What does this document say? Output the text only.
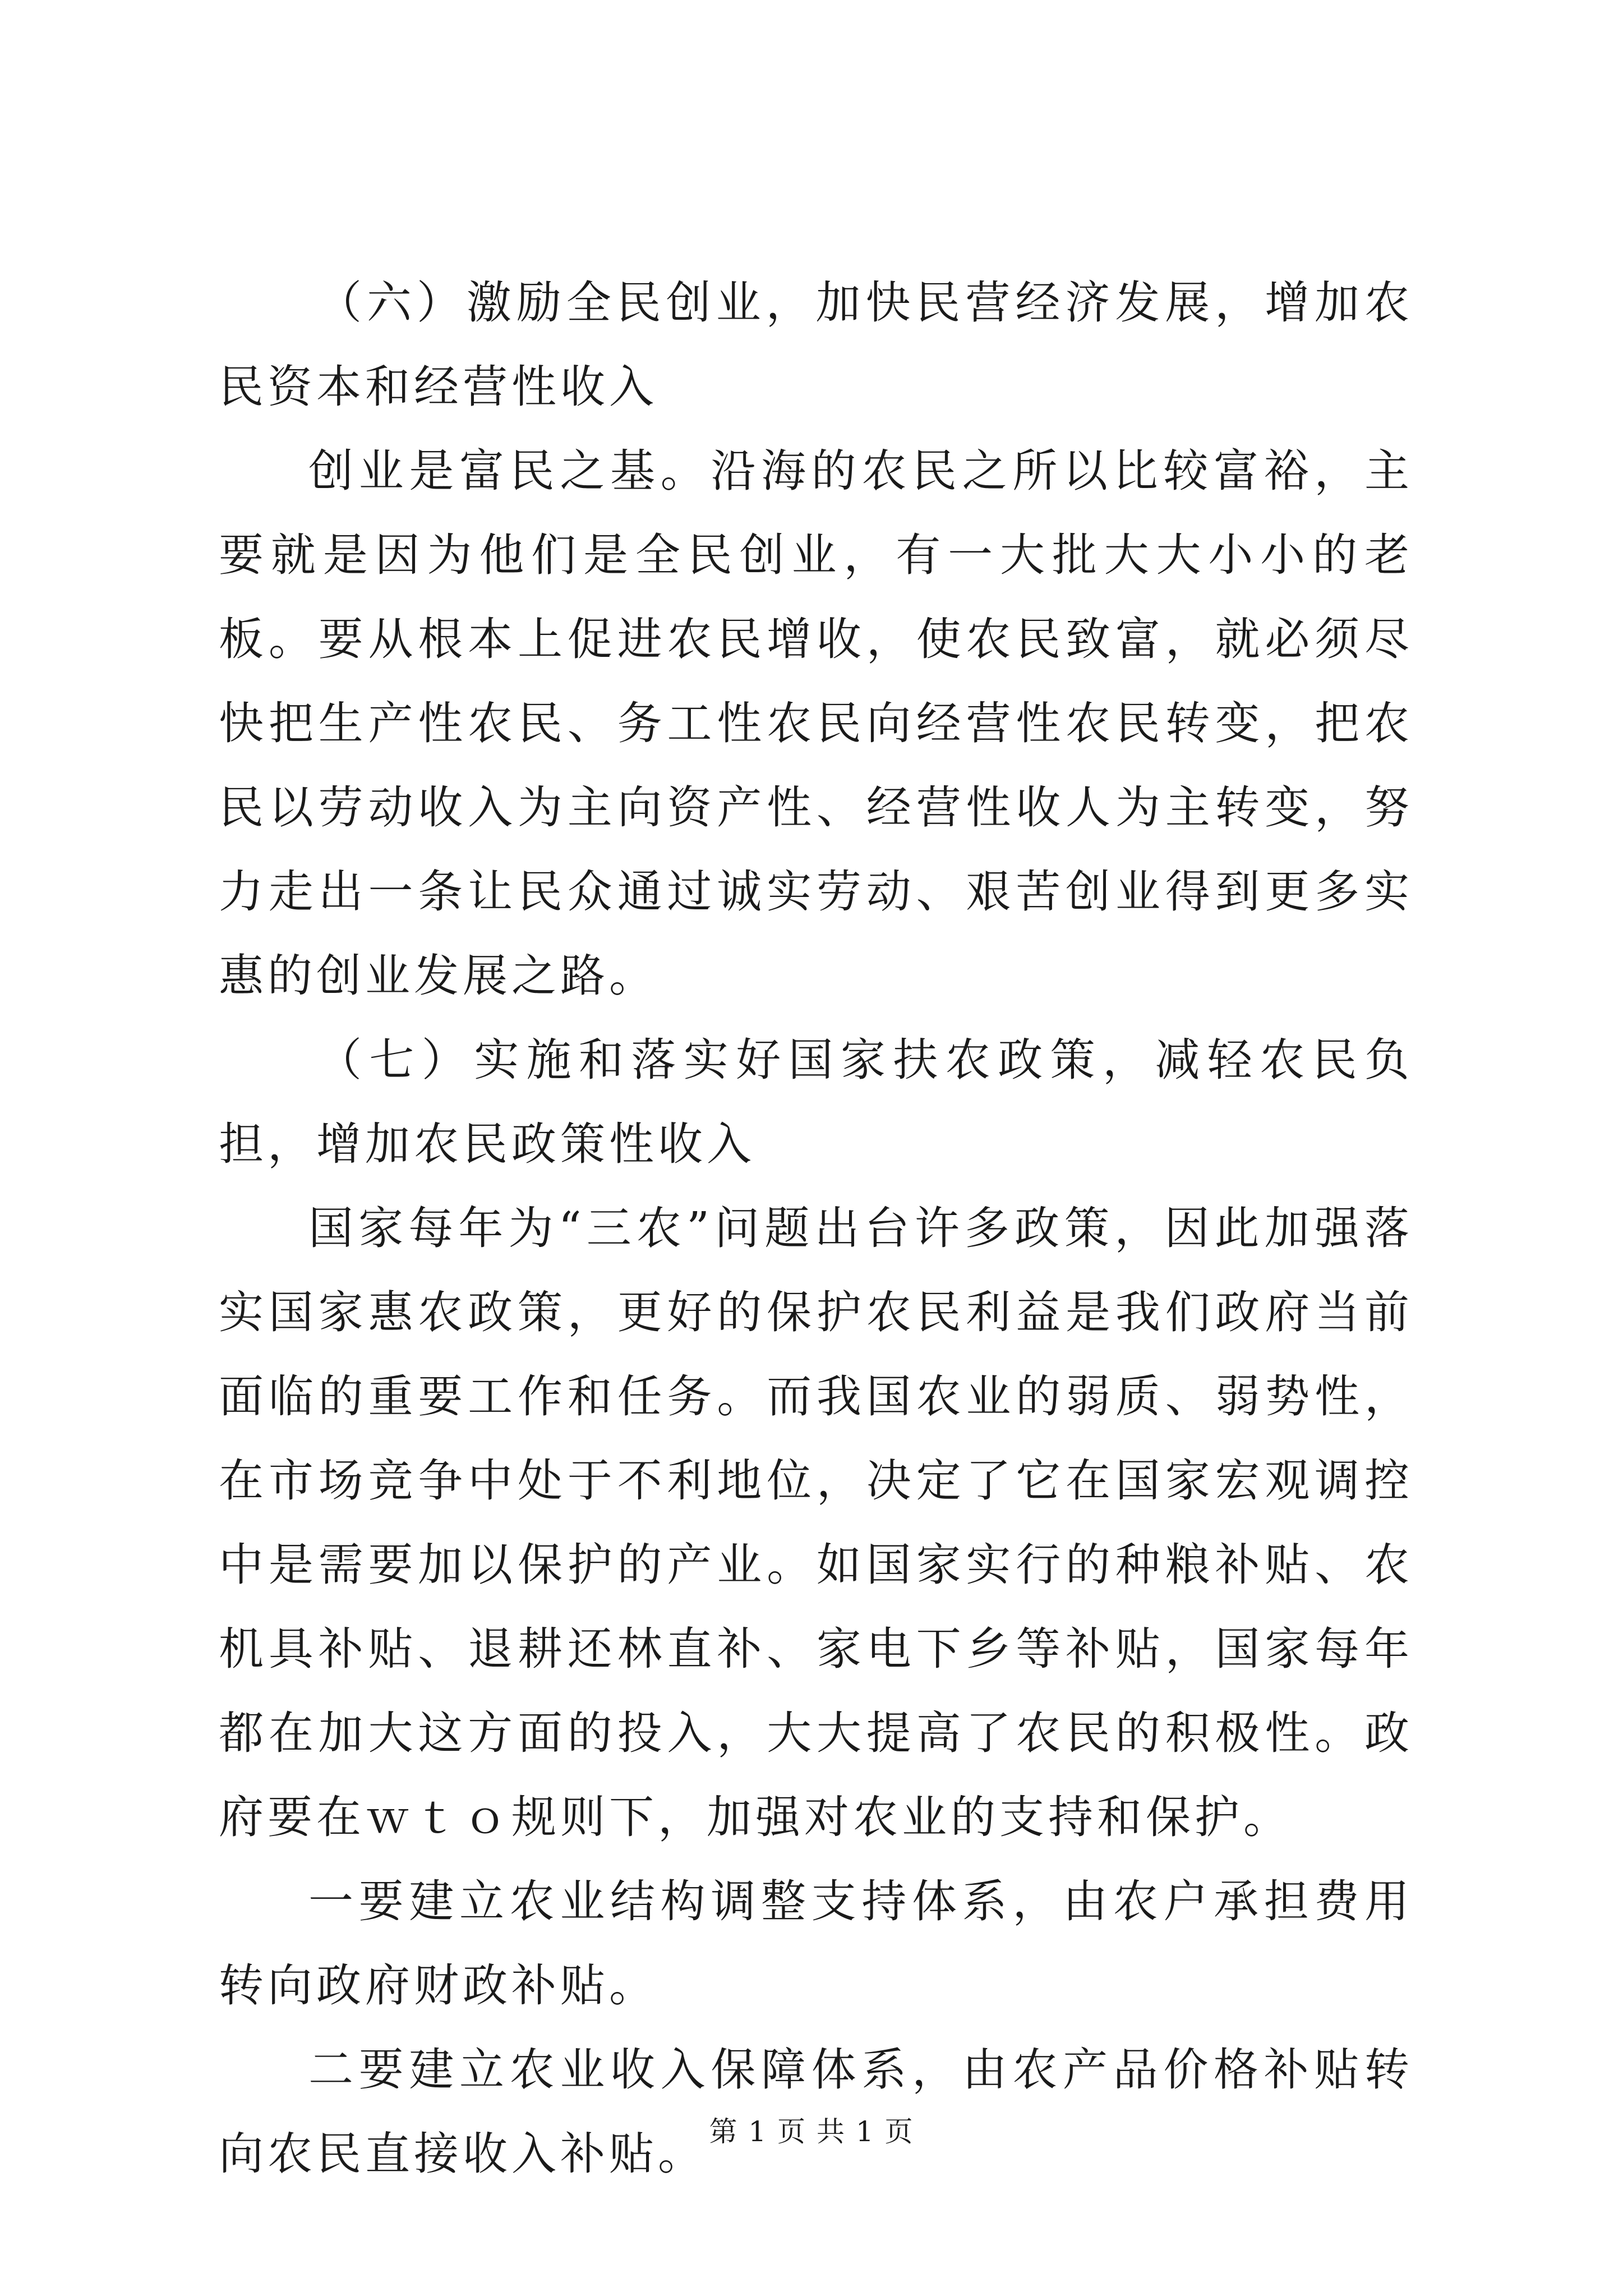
（六）激励全民创业，加快民营经济发展，增加农民资本和经营性收入

创业是富民之基。沿海的农民之所以比较富裕，主要就是因为他们是全民创业，有一大批大大小小的老板。要从根本上促进农民增收，使农民致富，就必须尽快把生产性农民、务工性农民向经营性农民转变，把农民以劳动收入为主向资产性、经营性收人为主转变，努力走出一条让民众通过诚实劳动、艰苦创业得到更多实惠的创业发展之路。

（七）实施和落实好国家扶农政策，减轻农民负担，增加农民政策性收入

国家每年为“三农”问题出台许多政策，因此加强落实国家惠农政策，更好的保护农民利益是我们政府当前面临的重要工作和任务。而我国农业的弱质、弱势性，在市场竞争中处于不利地位，决定了它在国家宏观调控中是需要加以保护的产业。如国家实行的种粮补贴、农机具补贴、退耕还林直补、家电下乡等补贴，国家每年都在加大这方面的投入，大大提高了农民的积极性。政府要在ｗｔｏ规则下，加强对农业的支持和保护。

一要建立农业结构调整支持体系，由农户承担费用转向政府财政补贴。

二要建立农业收入保障体系，由农产品价格补贴转向农民直接收入补贴。 第 1 页 共 1 页
